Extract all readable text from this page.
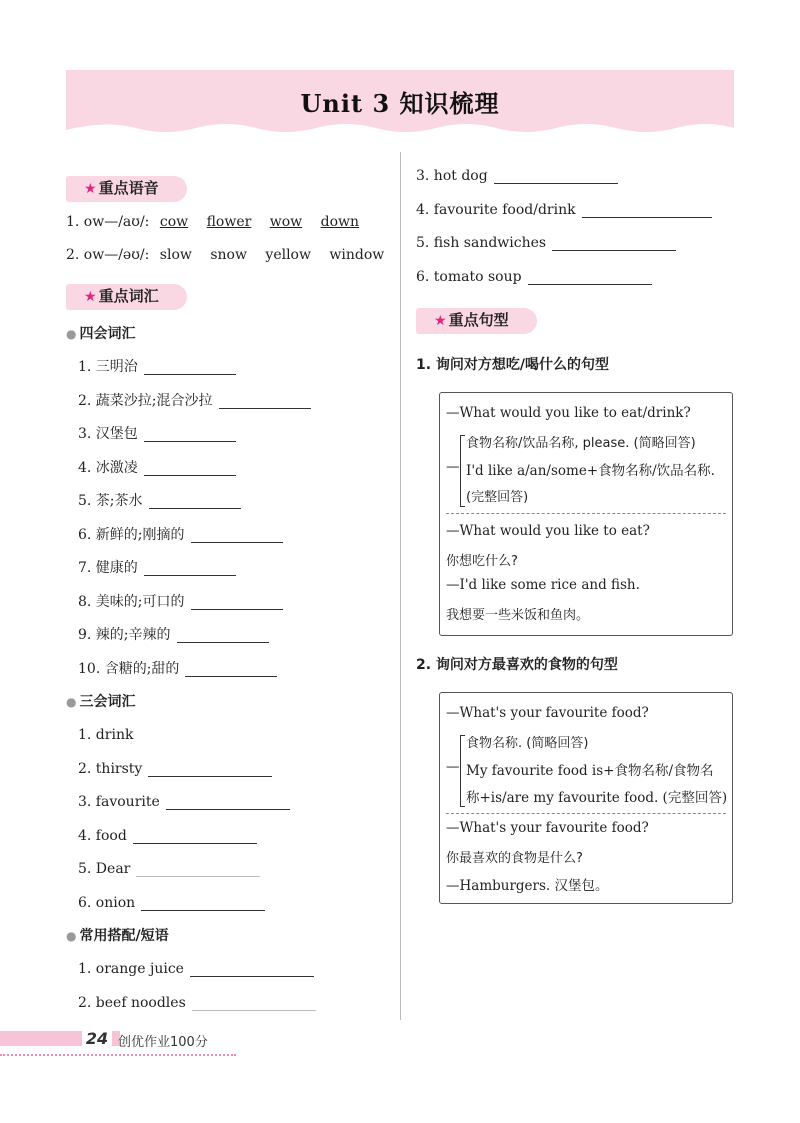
Unit 3 知识梳理
★ 重点语音
1. ow—/aʊ/: cow flower wow down
2. ow—/əʊ/: slow snow yellow window
★ 重点词汇
● 四会词汇
1. 三明治
2. 蔬菜沙拉;混合沙拉
3. 汉堡包
4. 冰激凌
5. 茶;茶水
6. 新鲜的;刚摘的
7. 健康的
8. 美味的;可口的
9. 辣的;辛辣的
10. 含糖的;甜的
● 三会词汇
1. drink
2. thirsty
3. favourite
4. food
5. Dear
6. onion
● 常用搭配/短语
1. orange juice
2. beef noodles
3. hot dog
4. favourite food/drink
5. fish sandwiches
6. tomato soup
★ 重点句型
1. 询问对方想吃/喝什么的句型
—What would you like to eat/drink?
—
食物名称/饮品名称, please. (简略回答)
I'd like a/an/some+食物名称/饮品名称.
(完整回答)
—What would you like to eat?
你想吃什么?
—I'd like some rice and fish.
我想要一些米饭和鱼肉。
2. 询问对方最喜欢的食物的句型
—What's your favourite food?
—
食物名称. (简略回答)
My favourite food is+食物名称/食物名
称+is/are my favourite food. (完整回答)
—What's your favourite food?
你最喜欢的食物是什么?
—Hamburgers. 汉堡包。
24 创优作业100分
